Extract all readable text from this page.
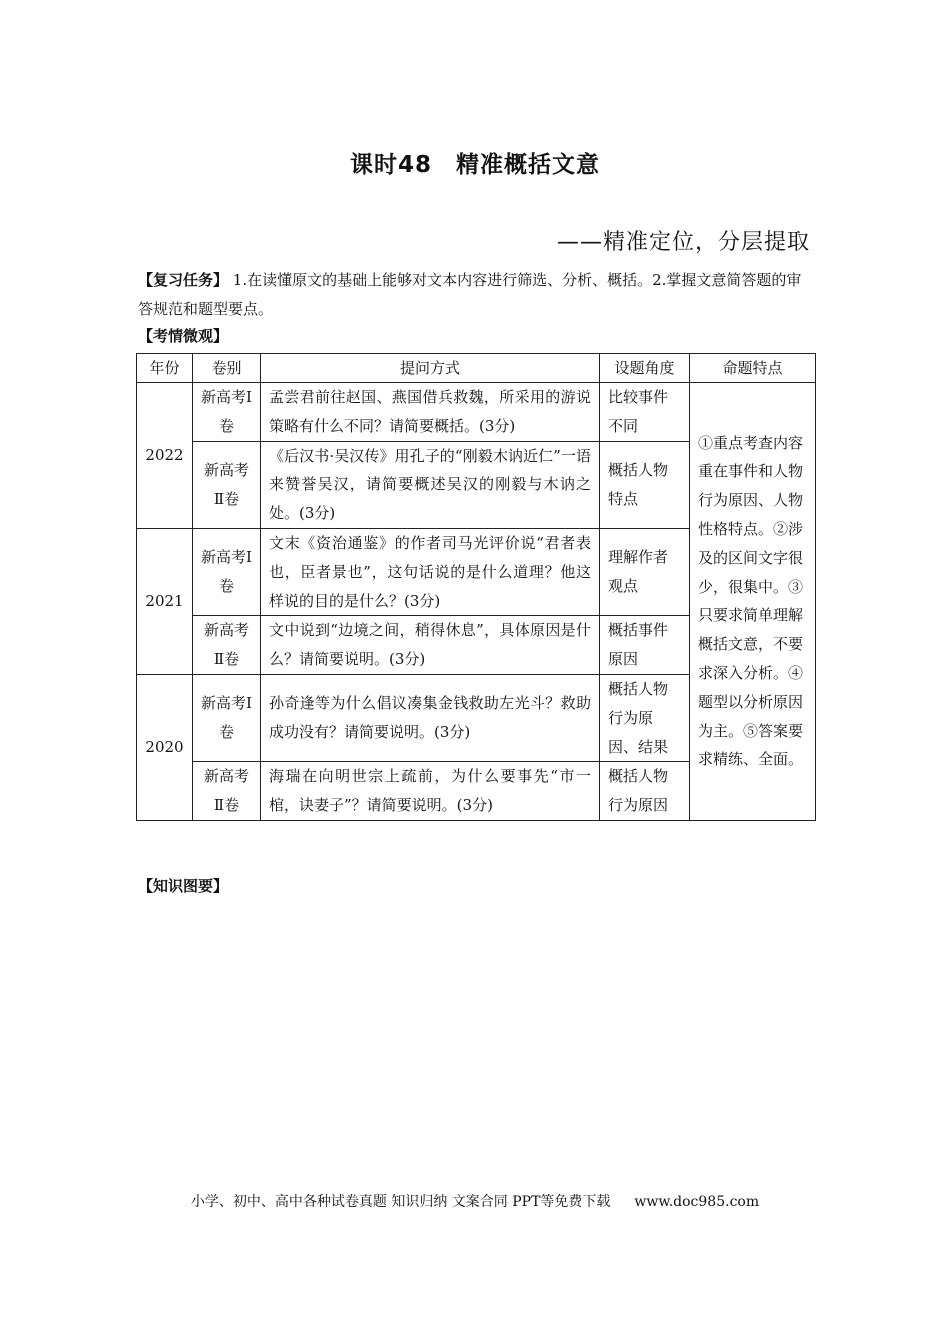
课时48　精准概括文意
——精准定位，分层提取
【复习任务】 1.在读懂原文的基础上能够对文本内容进行筛选、分析、概括。2.掌握文意简答题的审答规范和题型要点。
【考情微观】
年份	卷别	提问方式	设题角度	命题特点
2022	新高考Ⅰ卷	孟尝君前往赵国、燕国借兵救魏，所采用的游说策略有什么不同？请简要概括。(3分)	比较事件不同	①重点考查内容重在事件和人物行为原因、人物性格特点。②涉及的区间文字很少，很集中。③只要求简单理解概括文意，不要求深入分析。④题型以分析原因为主。⑤答案要求精练、全面。
	新高考Ⅱ卷	《后汉书·吴汉传》用孔子的“刚毅木讷近仁”一语来赞誉吴汉，请简要概述吴汉的刚毅与木讷之处。(3分)	概括人物特点	
2021	新高考Ⅰ卷	文末《资治通鉴》的作者司马光评价说“君者表也，臣者景也”，这句话说的是什么道理？他这样说的目的是什么？(3分)	理解作者观点	
	新高考Ⅱ卷	文中说到“边境之间，稍得休息”，具体原因是什么？请简要说明。(3分)	概括事件原因	
2020	新高考Ⅰ卷	孙奇逢等为什么倡议凑集金钱救助左光斗？救助成功没有？请简要说明。(3分)	概括人物行为原因、结果	
	新高考Ⅱ卷	海瑞在向明世宗上疏前，为什么要事先“市一棺，诀妻子”？请简要说明。(3分)	概括人物行为原因	
【知识图要】
小学、初中、高中各种试卷真题 知识归纳 文案合同 PPT等免费下载 www.doc985.com
